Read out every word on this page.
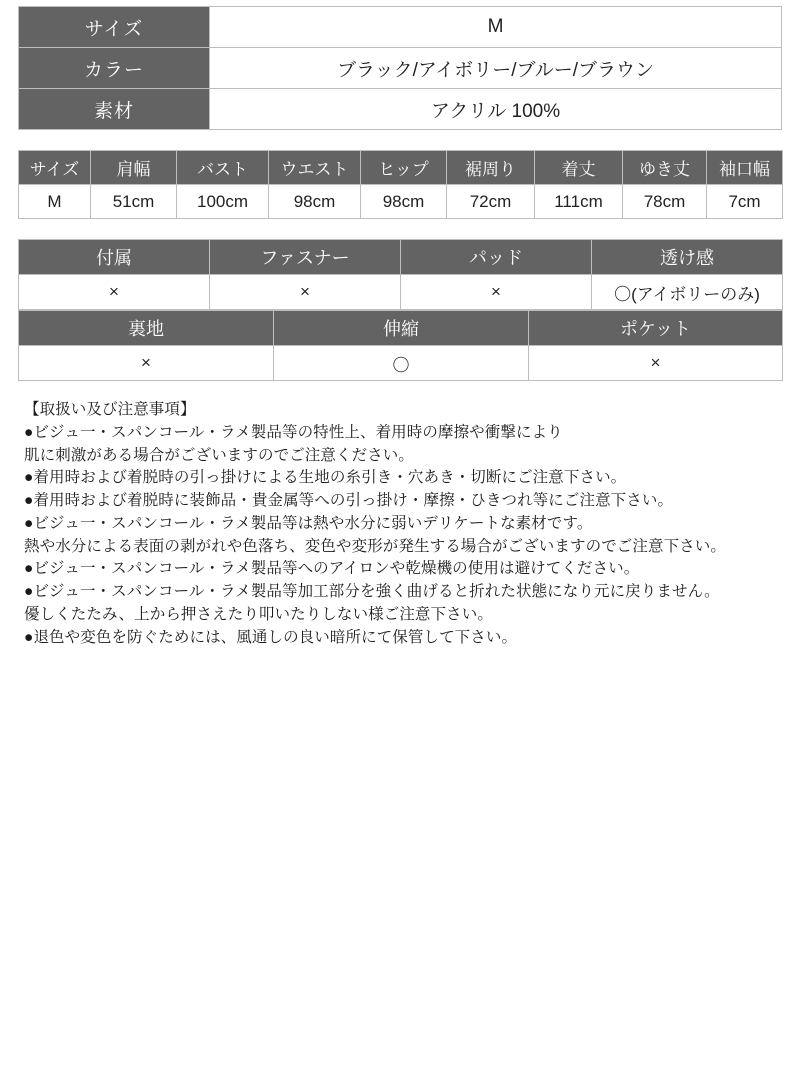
サイズ	M
カラー	ブラック/アイボリー/ブルー/ブラウン
素材	アクリル 100%
サイズ	肩幅	バスト	ウエスト	ヒップ	裾周り	着丈	ゆき丈	袖口幅
M	51cm	100cm	98cm	98cm	72cm	111cm	78cm	7cm
付属	ファスナー	パッド	透け感
×	×	×	〇(アイボリーのみ)
裏地	伸縮	ポケット
×	〇	×
【取扱い及び注意事項】
●ビジュ一・スパンコール・ラメ製品等の特性上、着用時の摩擦や衝撃により
肌に刺激がある場合がございますのでご注意ください。
●着用時および着脱時の引っ掛けによる生地の糸引き・穴あき・切断にご注意下さい。
●着用時および着脱時に装飾品・貴金属等への引っ掛け・摩擦・ひきつれ等にご注意下さい。
●ビジュ一・スパンコール・ラメ製品等は熱や水分に弱いデリケートな素材です。
熱や水分による表面の剥がれや色落ち、変色や変形が発生する場合がございますのでご注意下さい。
●ビジュ一・スパンコール・ラメ製品等へのアイロンや乾燥機の使用は避けてください。
●ビジュ一・スパンコール・ラメ製品等加工部分を強く曲げると折れた状態になり元に戻りません。
優しくたたみ、上から押さえたり叩いたりしない様ご注意下さい。
●退色や変色を防ぐためには、風通しの良い暗所にて保管して下さい。
